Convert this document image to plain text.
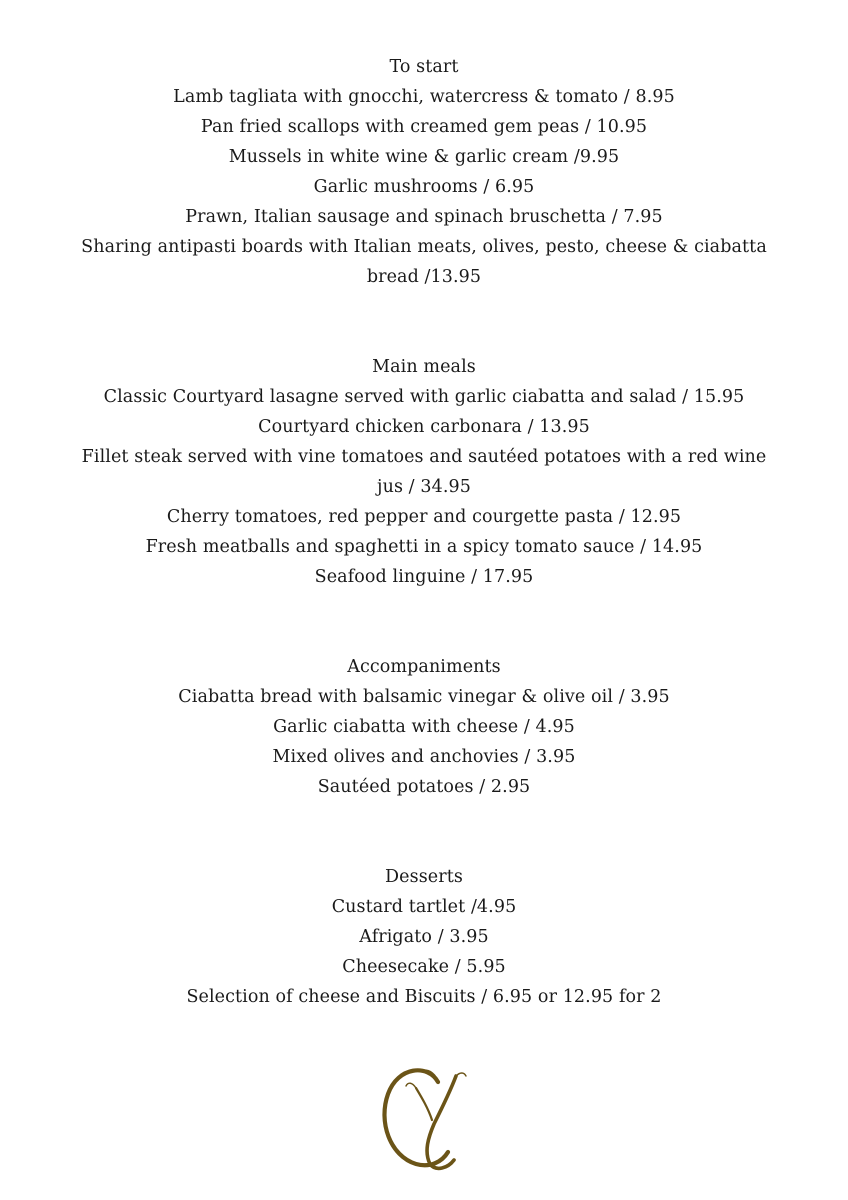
To start

Lamb tagliata with gnocchi, watercress & tomato / 8.95

Pan fried scallops with creamed gem peas / 10.95

Mussels in white wine & garlic cream /9.95

Garlic mushrooms / 6.95

Prawn, Italian sausage and spinach bruschetta / 7.95

Sharing antipasti boards with Italian meats, olives, pesto, cheese & ciabatta bread /13.95

Main meals

Classic Courtyard lasagne served with garlic ciabatta and salad / 15.95

Courtyard chicken carbonara / 13.95

Fillet steak served with vine tomatoes and sautéed potatoes with a red wine jus / 34.95

Cherry tomatoes, red pepper and courgette pasta / 12.95

Fresh meatballs and spaghetti in a spicy tomato sauce / 14.95

Seafood linguine / 17.95

Accompaniments

Ciabatta bread with balsamic vinegar & olive oil / 3.95

Garlic ciabatta with cheese / 4.95

Mixed olives and anchovies / 3.95

Sautéed potatoes / 2.95

Desserts

Custard tartlet /4.95

Afrigato / 3.95

Cheesecake / 5.95

Selection of cheese and Biscuits / 6.95 or 12.95 for 2
